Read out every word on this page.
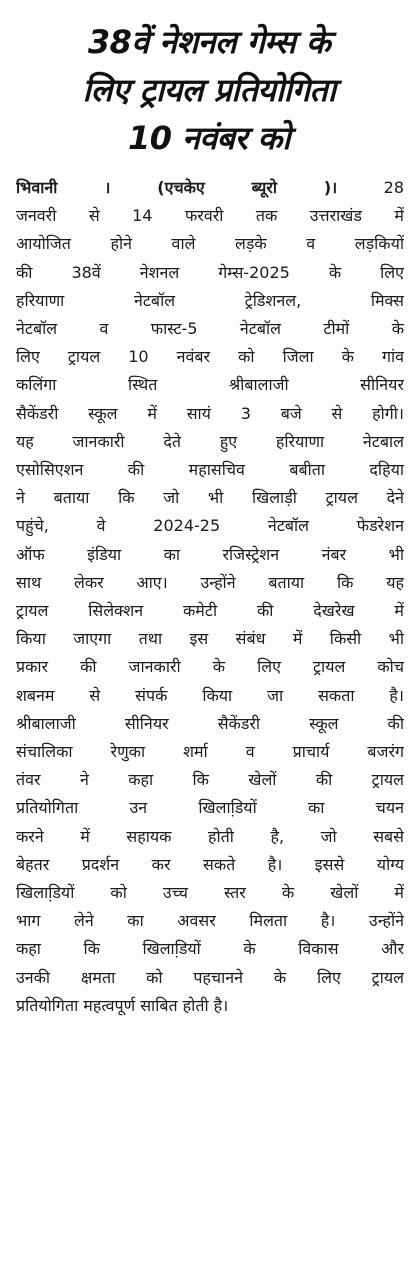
38वें नेशनल गेम्स के
लिए ट्रायल प्रतियोगिता
10 नवंबर को
भिवानी । (एचकेए ब्यूरो )।	28
जनवरी से 14 फरवरी तक उत्तराखंड में
आयोजित होने वाले लड़के व लड़कियों
की 38वें नेशनल गेम्स-2025 के लिए
हरियाणा नेटबॉल ट्रेडिशनल, मिक्स
नेटबॉल व फास्ट-5 नेटबॉल टीमों के
लिए ट्रायल 10 नवंबर को जिला के गांव
कलिंगा स्थित श्रीबालाजी सीनियर
सैकेंडरी स्कूल में सायं 3 बजे से होगी।
यह जानकारी देते हुए हरियाणा नेटबाल
एसोसिएशन की महासचिव बबीता दहिया
ने बताया कि जो भी खिलाड़ी ट्रायल देने
पहुंचे, वे 2024-25 नेटबॉल फेडरेशन
ऑफ इंडिया का रजिस्ट्रेशन नंबर भी
साथ लेकर आए। उन्होंने बताया कि यह
ट्रायल सिलेक्शन कमेटी की देखरेख में
किया जाएगा तथा इस संबंध में किसी भी
प्रकार की जानकारी के लिए ट्रायल कोच
शबनम से संपर्क किया जा सकता है।
श्रीबालाजी सीनियर सैकेंडरी स्कूल की
संचालिका रेणुका शर्मा व प्राचार्य बजरंग
तंवर ने कहा कि खेलों की ट्रायल
प्रतियोगिता उन खिलाडि़यों का चयन
करने में सहायक होती है, जो सबसे
बेहतर प्रदर्शन कर सकते है। इससे योग्य
खिलाडि़यों को उच्च स्तर के खेलों में
भाग लेने का अवसर मिलता है। उन्होंने
कहा कि खिलाडि़यों के विकास और
उनकी क्षमता को पहचानने के लिए ट्रायल
प्रतियोगिता महत्वपूर्ण साबित होती है।
